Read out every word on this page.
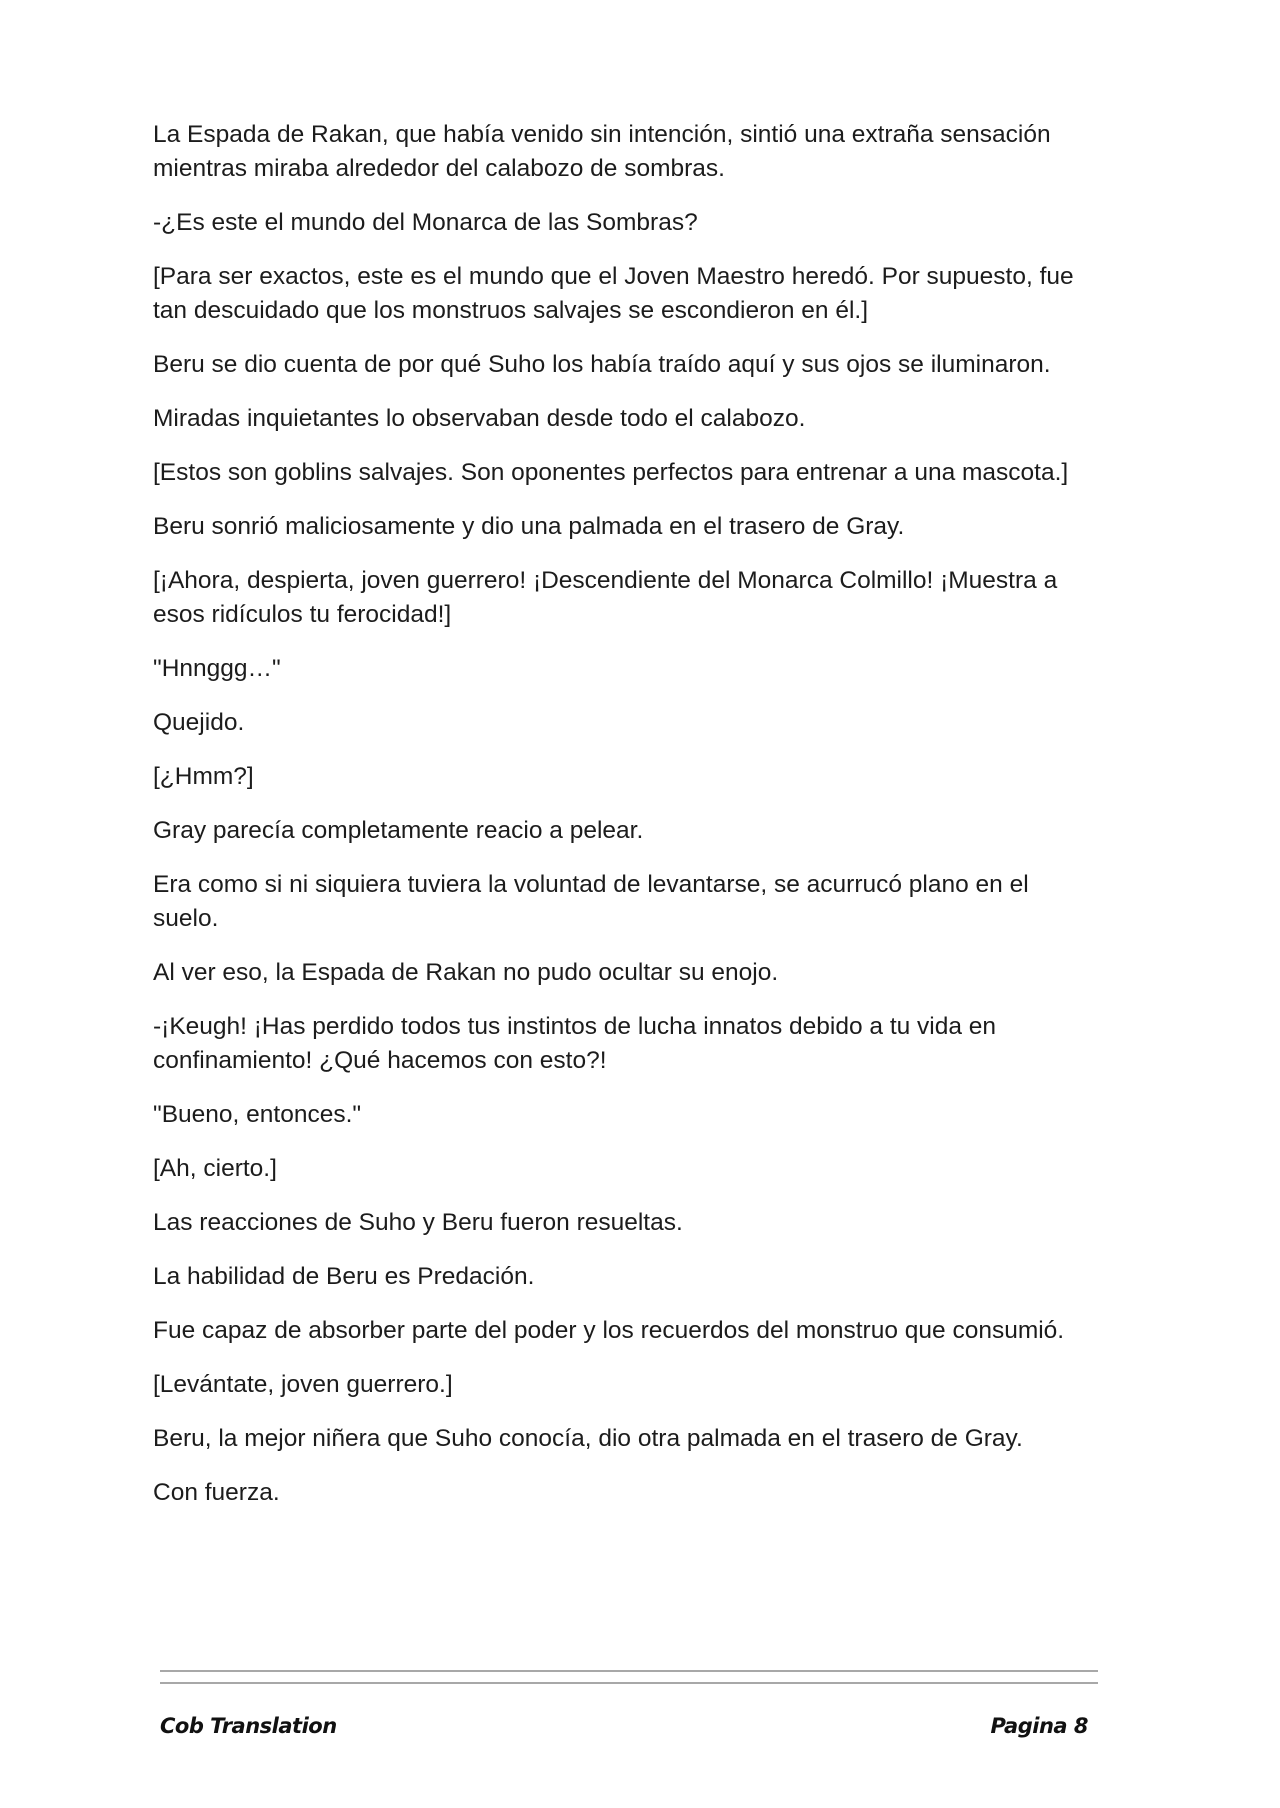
La Espada de Rakan, que había venido sin intención, sintió una extraña sensación mientras miraba alrededor del calabozo de sombras.

-¿Es este el mundo del Monarca de las Sombras?

[Para ser exactos, este es el mundo que el Joven Maestro heredó. Por supuesto, fue tan descuidado que los monstruos salvajes se escondieron en él.]

Beru se dio cuenta de por qué Suho los había traído aquí y sus ojos se iluminaron.

Miradas inquietantes lo observaban desde todo el calabozo.

[Estos son goblins salvajes. Son oponentes perfectos para entrenar a una mascota.]

Beru sonrió maliciosamente y dio una palmada en el trasero de Gray.

[¡Ahora, despierta, joven guerrero! ¡Descendiente del Monarca Colmillo! ¡Muestra a esos ridículos tu ferocidad!]

"Hnnggg…"

Quejido.

[¿Hmm?]

Gray parecía completamente reacio a pelear.

Era como si ni siquiera tuviera la voluntad de levantarse, se acurrucó plano en el suelo.

Al ver eso, la Espada de Rakan no pudo ocultar su enojo.

-¡Keugh! ¡Has perdido todos tus instintos de lucha innatos debido a tu vida en confinamiento! ¿Qué hacemos con esto?!

"Bueno, entonces."

[Ah, cierto.]

Las reacciones de Suho y Beru fueron resueltas.

La habilidad de Beru es Predación.

Fue capaz de absorber parte del poder y los recuerdos del monstruo que consumió.

[Levántate, joven guerrero.]

Beru, la mejor niñera que Suho conocía, dio otra palmada en el trasero de Gray.

Con fuerza.

Cob Translation	Pagina 8
